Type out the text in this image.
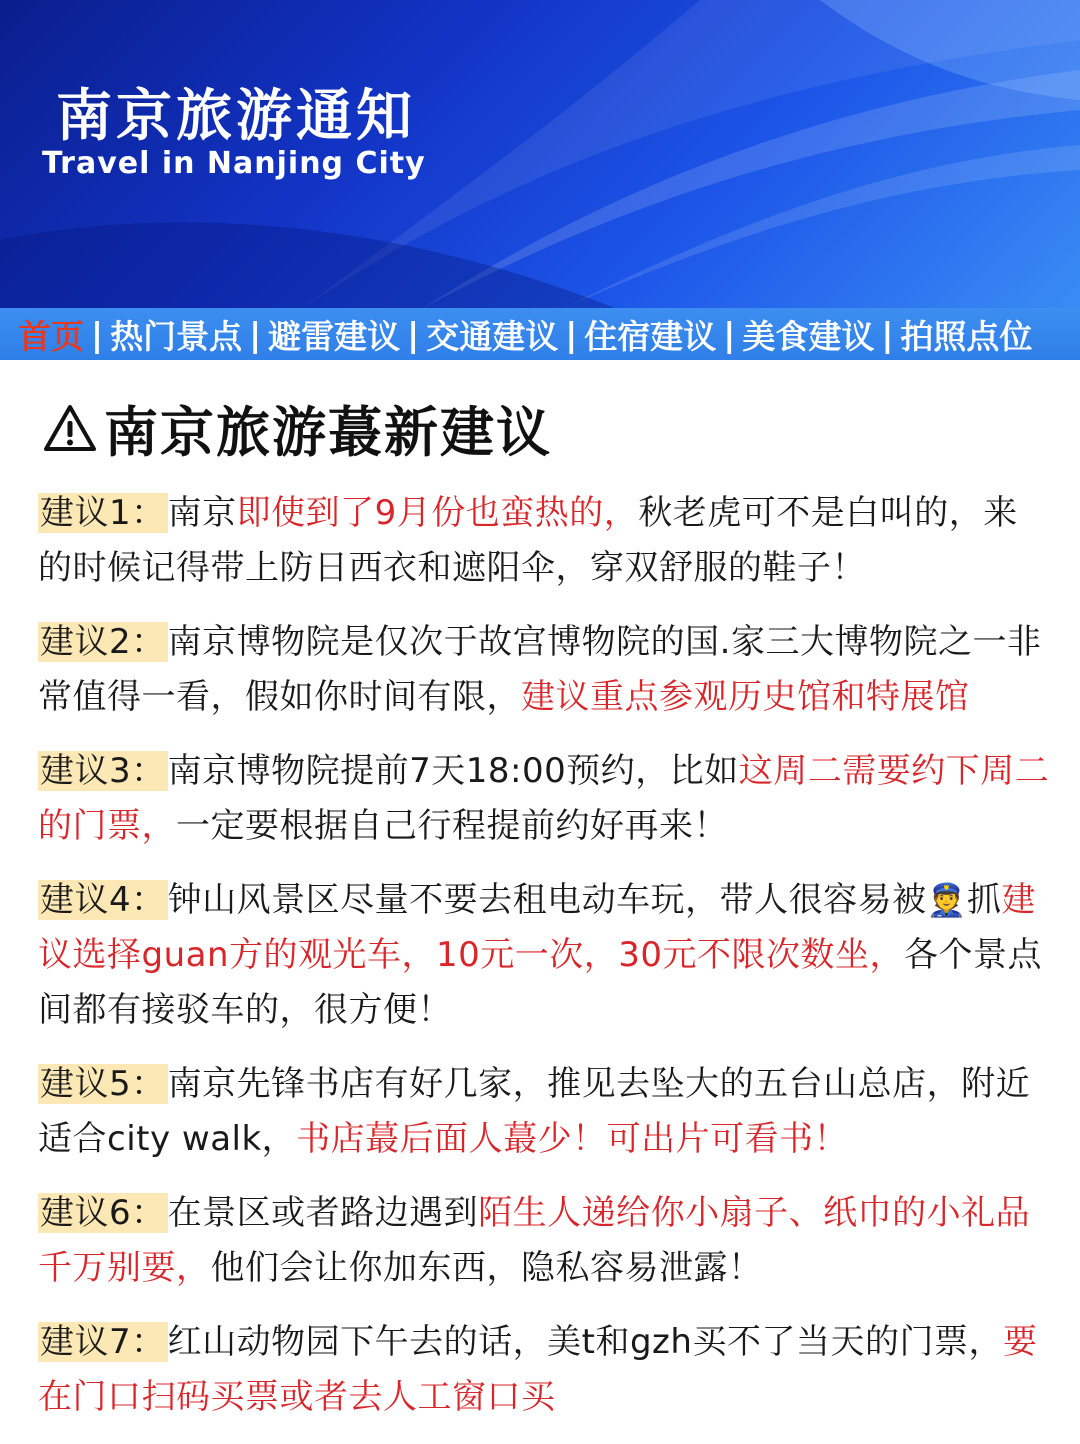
南京旅游通知
Travel in Nanjing City
首页 | 热门景点 | 避雷建议 | 交通建议 | 住宿建议 | 美食建议 | 拍照点位
南京旅游蕞新建议

建议1：南京即使到了9月份也蛮热的，秋老虎可不是白叫的，来的时候记得带上防日西衣和遮阳伞，穿双舒服的鞋子！

建议2：南京博物院是仅次于故宫博物院的国.家三大博物院之一非常值得一看，假如你时间有限，建议重点参观历史馆和特展馆

建议3：南京博物院提前7天18:00预约，比如这周二需要约下周二的门票，一定要根据自己行程提前约好再来！

建议4：钟山风景区尽量不要去租电动车玩，带人很容易被👮抓建议选择guan方的观光车，10元一次，30元不限次数坐，各个景点间都有接驳车的，很方便！

建议5：南京先锋书店有好几家，推见去坠大的五台山总店，附近适合city walk，书店蕞后面人蕞少！可出片可看书！

建议6：在景区或者路边遇到陌生人递给你小扇子、纸巾的小礼品千万别要，他们会让你加东西，隐私容易泄露！

建议7：红山动物园下午去的话，美t和gzh买不了当天的门票，要在门口扫码买票或者去人工窗口买
